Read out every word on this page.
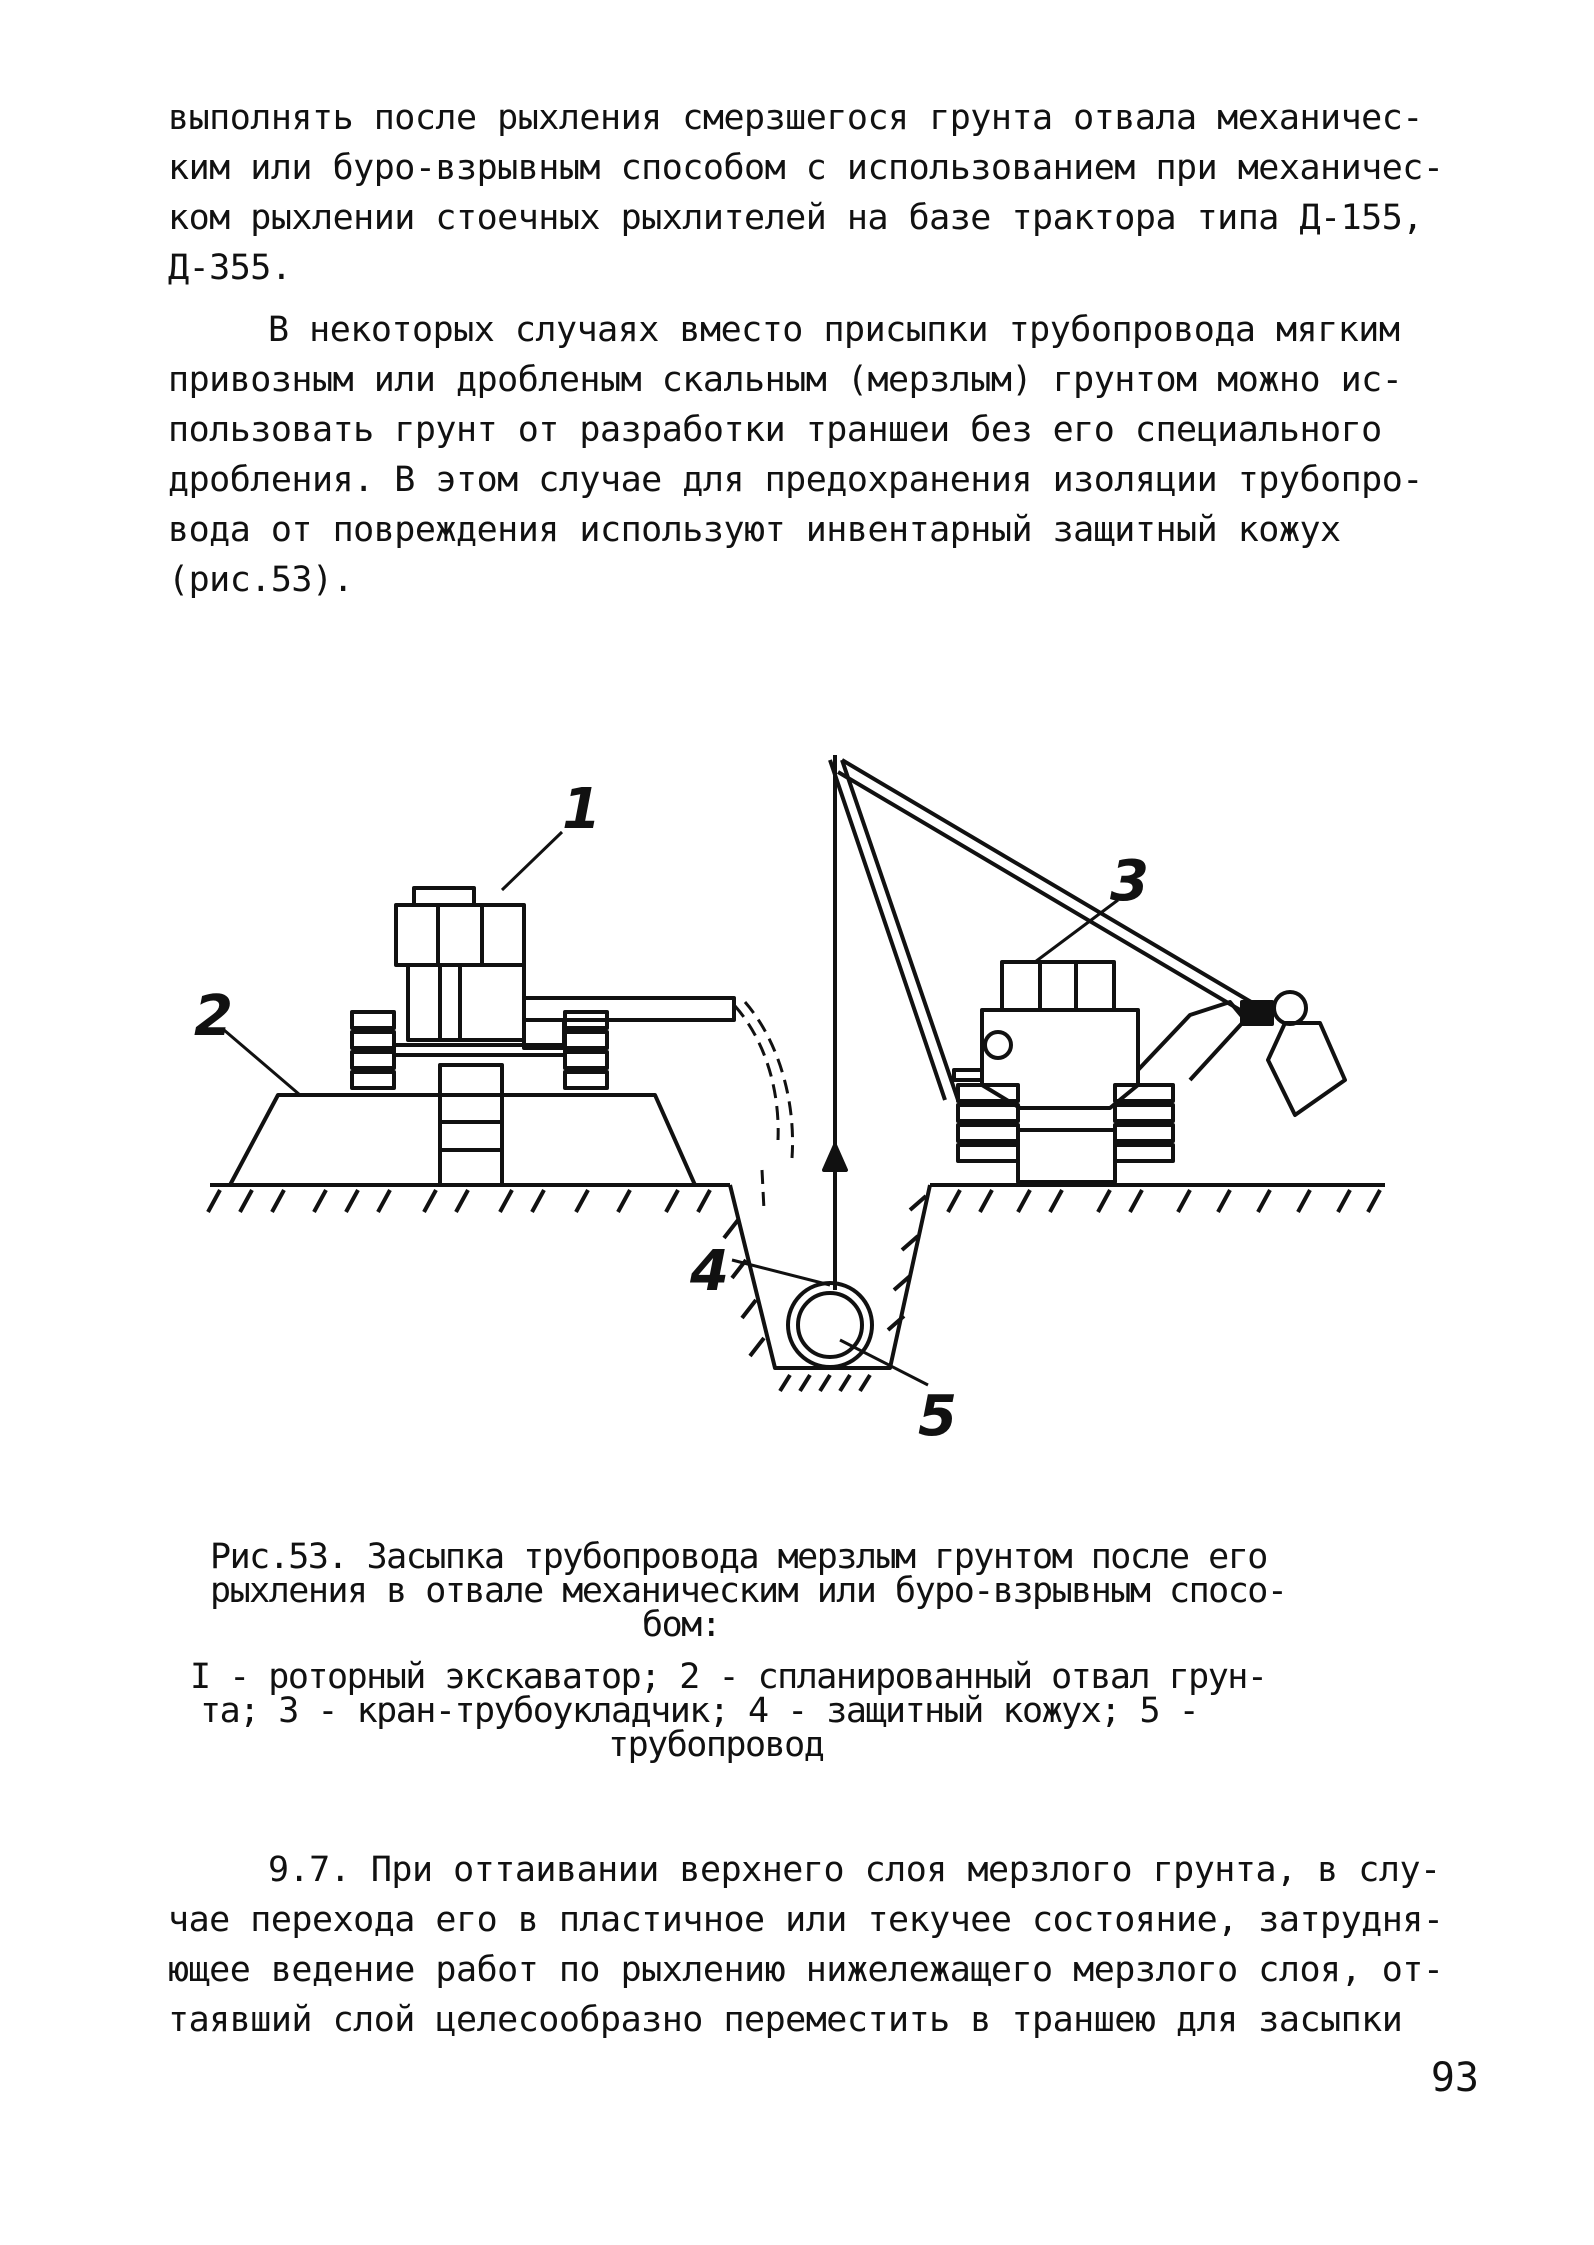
выполнять после рыхления смерзшегося грунта отвала механичес-
ким или буро-взрывным способом с использованием при механичес-
ком рыхлении стоечных рыхлителей на базе трактора типа Д-155,
Д-355.
В некоторых случаях вместо присыпки трубопровода мягким
привозным или дробленым скальным (мерзлым) грунтом можно ис-
пользовать грунт от разработки траншеи без его специального
дробления. В этом случае для предохранения изоляции трубопро-
вода от повреждения используют инвентарный защитный кожух
(рис.53).
1
2
3
4
5
Рис.53. Засыпка трубопровода мерзлым грунтом после его
рыхления в отвале механическим или буро-взрывным спосо-
бом:
I - роторный экскаватор; 2 - спланированный отвал грун-
та; 3 - кран-трубоукладчик; 4 - защитный кожух; 5 -
трубопровод
9.7. При оттаивании верхнего слоя мерзлого грунта, в слу-
чае перехода его в пластичное или текучее состояние, затрудня-
ющее ведение работ по рыхлению нижележащего мерзлого слоя, от-
таявший слой целесообразно переместить в траншею для засыпки
93
